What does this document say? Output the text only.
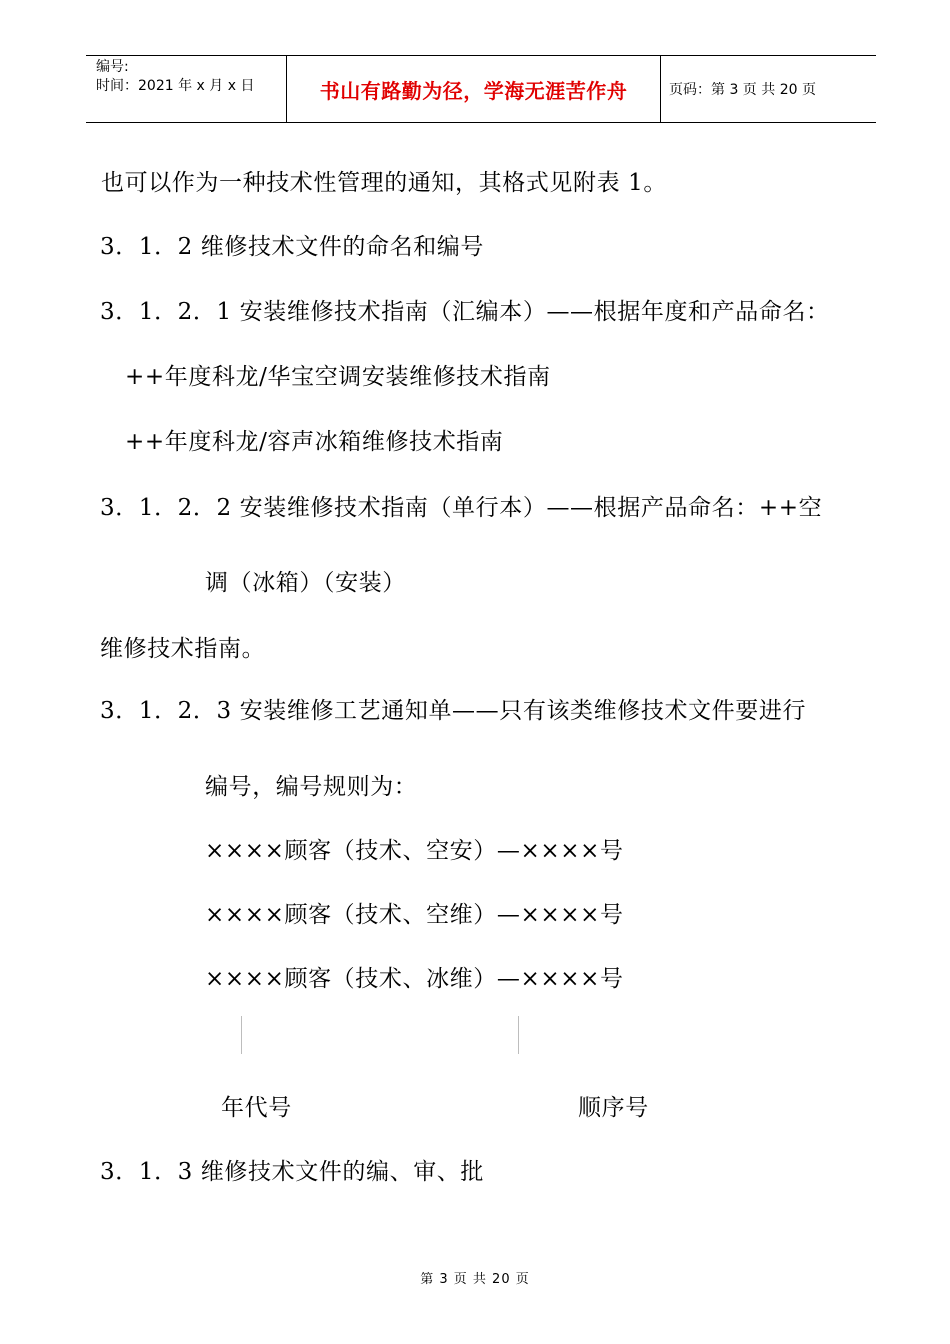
编号:
时间：2021 年 x 月 x 日	书山有路勤为径，学海无涯苦作舟	页码：第 3 页 共 20 页
也可以作为一种技术性管理的通知，其格式见附表 1。
3．1．2 维修技术文件的命名和编号
3．1．2．1 安装维修技术指南（汇编本）——根据年度和产品命名：
++年度科龙/华宝空调安装维修技术指南
++年度科龙/容声冰箱维修技术指南
3．1．2．2 安装维修技术指南（单行本）——根据产品命名：++空
调（冰箱）（安装）
维修技术指南。
3．1．2．3 安装维修工艺通知单——只有该类维修技术文件要进行
编号，编号规则为：
××××顾客（技术、空安）—××××号
××××顾客（技术、空维）—××××号
××××顾客（技术、冰维）—××××号
年代号	顺序号
3．1．3 维修技术文件的编、审、批
第 3 页 共 20 页
